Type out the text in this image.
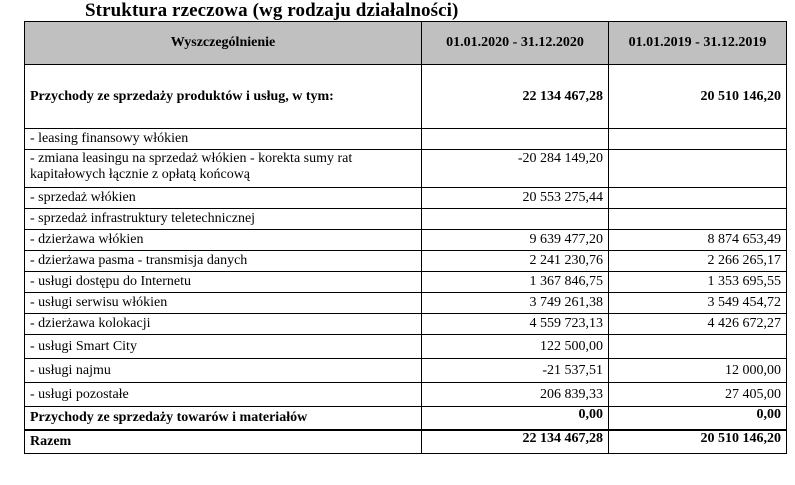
Struktura rzeczowa (wg rodzaju działalności)
Wyszczególnienie	01.01.2020 - 31.12.2020	01.01.2019 - 31.12.2019
Przychody ze sprzedaży produktów i usług, w tym:	22 134 467,28	20 510 146,20
- leasing finansowy włókien		
- zmiana leasingu na sprzedaż włókien - korekta sumy rat kapitałowych łącznie z opłatą końcową	-20 284 149,20	
- sprzedaż włókien	20 553 275,44	
- sprzedaż infrastruktury teletechnicznej		
- dzierżawa włókien	9 639 477,20	8 874 653,49
- dzierżawa pasma - transmisja danych	2 241 230,76	2 266 265,17
- usługi dostępu do Internetu	1 367 846,75	1 353 695,55
- usługi serwisu włókien	3 749 261,38	3 549 454,72
- dzierżawa kolokacji	4 559 723,13	4 426 672,27
- usługi Smart City	122 500,00	
- usługi najmu	-21 537,51	12 000,00
- usługi pozostałe	206 839,33	27 405,00
Przychody ze sprzedaży towarów i materiałów	0,00	0,00
Razem	22 134 467,28	20 510 146,20
